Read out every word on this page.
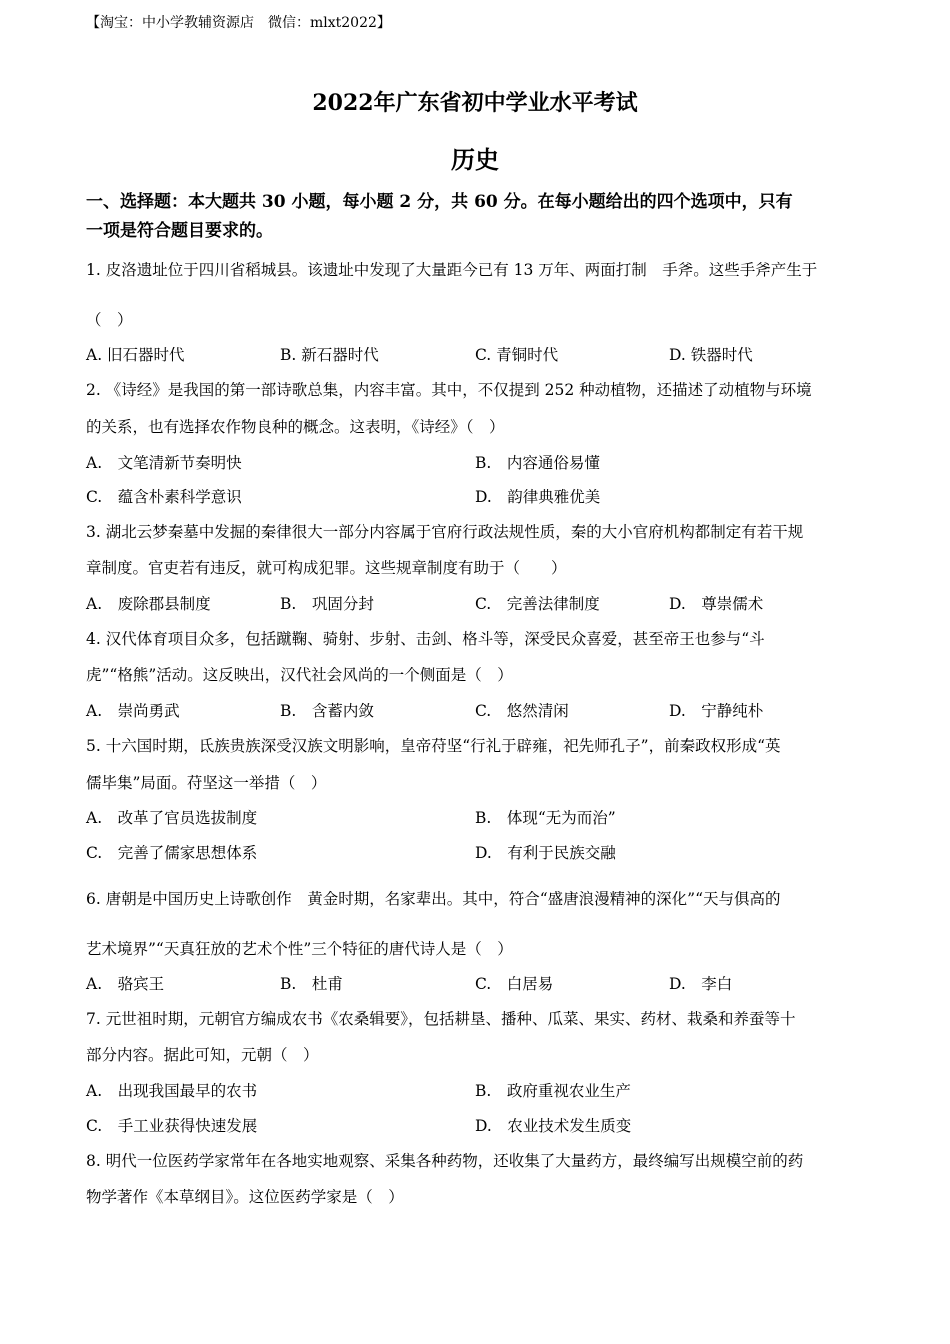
【淘宝：中小学教辅资源店　微信：mlxt2022】
2022年广东省初中学业水平考试
历史
一、选择题：本大题共 30 小题，每小题 2 分，共 60 分。在每小题给出的四个选项中，只有
一项是符合题目要求的。
1. 皮洛遗址位于四川省稻城县。该遗址中发现了大量距今已有 13 万年、两面打制　手斧。这些手斧产生于
（　）
A. 旧石器时代	B. 新石器时代	C. 青铜时代	D. 铁器时代
2. 《诗经》是我国的第一部诗歌总集，内容丰富。其中，不仅提到 252 种动植物，还描述了动植物与环境
的关系，也有选择农作物良种的概念。这表明，《诗经》（　）
A.　文笔清新节奏明快	B.　内容通俗易懂
C.　蕴含朴素科学意识	D.　韵律典雅优美
3. 湖北云梦秦墓中发掘的秦律很大一部分内容属于官府行政法规性质，秦的大小官府机构都制定有若干规
章制度。官吏若有违反，就可构成犯罪。这些规章制度有助于（　　）
A.　废除郡县制度	B.　巩固分封	C.　完善法律制度	D.　尊崇儒术
4. 汉代体育项目众多，包括蹴鞠、骑射、步射、击剑、格斗等，深受民众喜爱，甚至帝王也参与“斗
虎”“格熊”活动。这反映出，汉代社会风尚的一个侧面是（　）
A.　崇尚勇武	B.　含蓄内敛	C.　悠然清闲	D.　宁静纯朴
5. 十六国时期，氐族贵族深受汉族文明影响，皇帝苻坚“行礼于辟雍，祀先师孔子”，前秦政权形成“英
儒毕集”局面。苻坚这一举措（　）
A.　改革了官员选拔制度	B.　体现“无为而治”
C.　完善了儒家思想体系	D.　有利于民族交融
6. 唐朝是中国历史上诗歌创作　黄金时期，名家辈出。其中，符合“盛唐浪漫精神的深化”“天与俱高的
艺术境界”“天真狂放的艺术个性”三个特征的唐代诗人是（　）
A.　骆宾王	B.　杜甫	C.　白居易	D.　李白
7. 元世祖时期，元朝官方编成农书《农桑辑要》，包括耕垦、播种、瓜菜、果实、药材、栽桑和养蚕等十
部分内容。据此可知，元朝（　）
A.　出现我国最早的农书	B.　政府重视农业生产
C.　手工业获得快速发展	D.　农业技术发生质变
8. 明代一位医药学家常年在各地实地观察、采集各种药物，还收集了大量药方，最终编写出规模空前的药
物学著作《本草纲目》。这位医药学家是（　）
